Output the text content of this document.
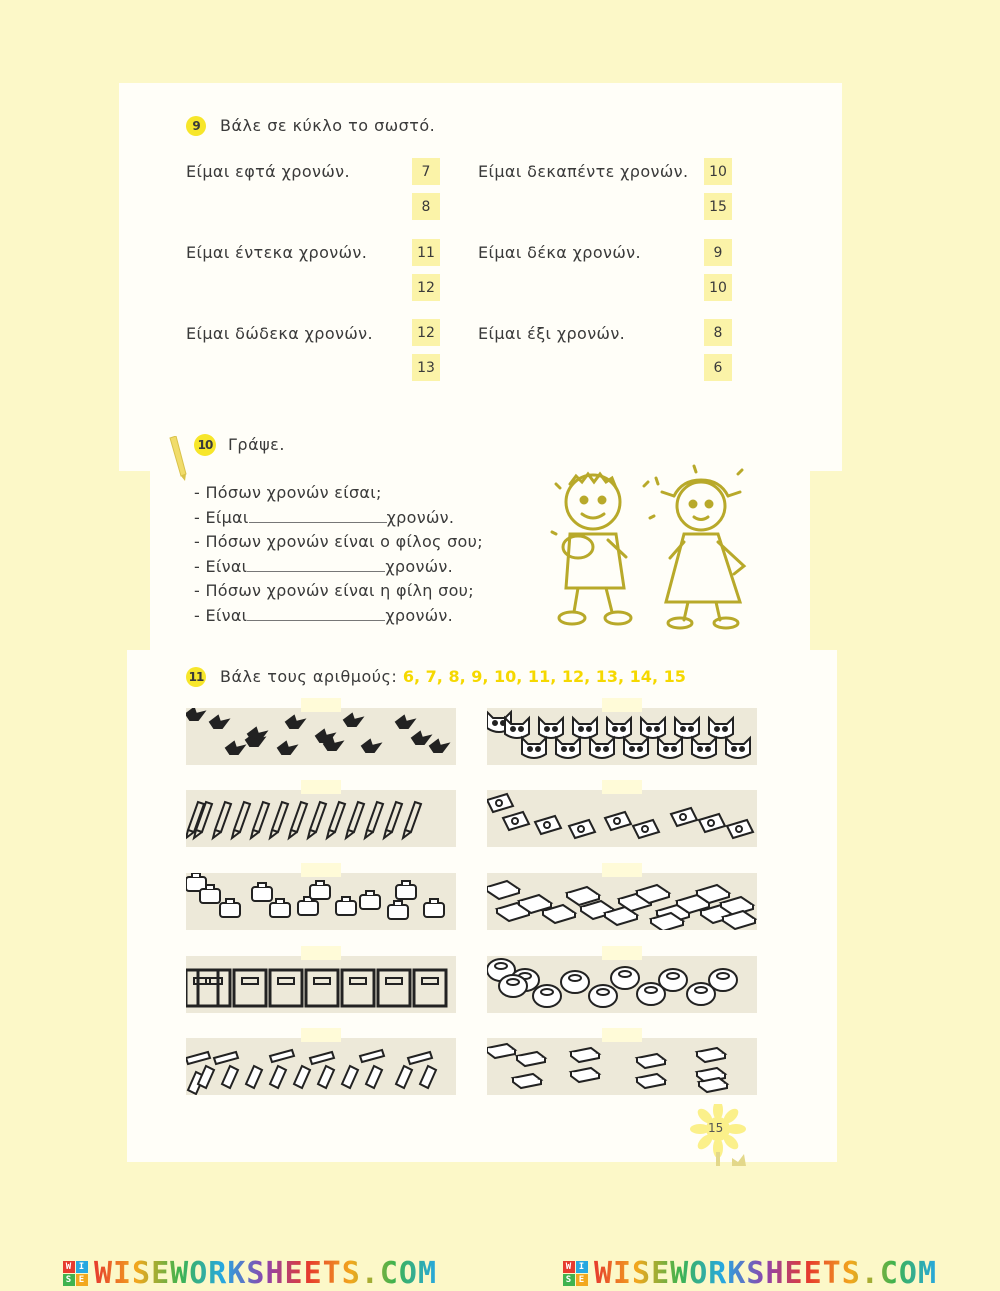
9	Βάλε σε κύκλο το σωστό.
Είμαι εφτά χρονών.	7
8
Είμαι δεκαπέντε χρονών.	10
15
Είμαι έντεκα χρονών.	11
12
Είμαι δέκα χρονών.	9
10
Είμαι δώδεκα χρονών.	12
13
Είμαι έξι χρονών.	8
6
10 Γράψε.
- Πόσων χρονών είσαι;
- Είμαι	χρονών.
- Πόσων χρονών είναι ο φίλος σου;
- Είναι	χρονών.
- Πόσων χρονών είναι η φίλη σου;
- Είναι	χρονών.
11 Βάλε τους αριθμούς: 6, 7, 8, 9, 10, 11, 12, 13, 14, 15
15
W I
S E WISEWORKSHEETS.COM	W I
S E WISEWORKSHEETS.COM
